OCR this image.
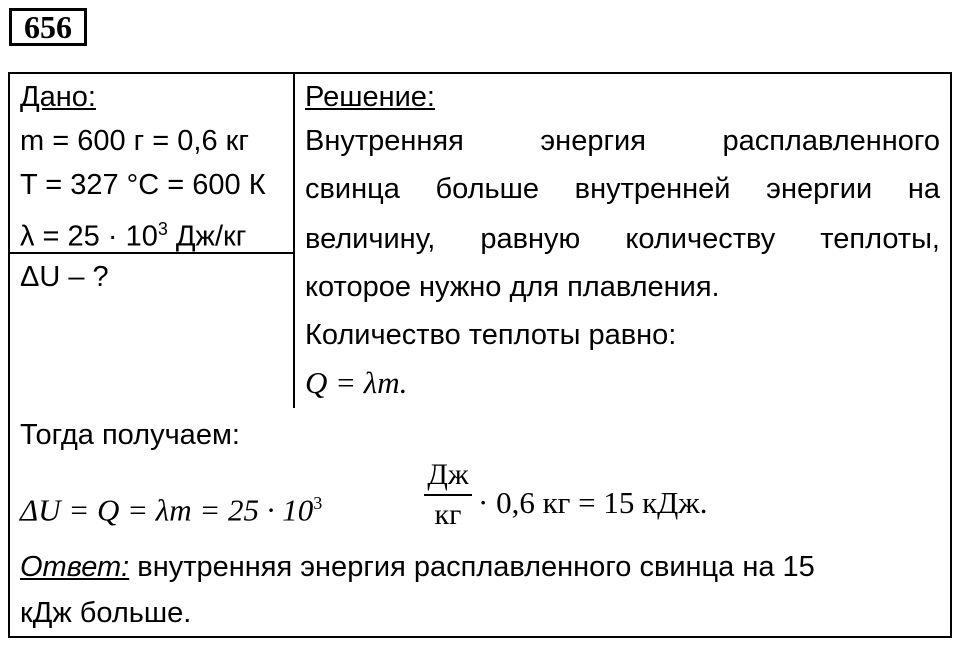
656
Дано:
m = 600 г = 0,6 кг
T = 327 °C = 600 К
$\lambda = 25 \cdot 10^3$ Дж/кг
ΔU – ?
Решение:
Внутренняя энергия расплавленного
свинца больше внутренней энергии на
величину, равную количеству теплоты,
которое нужно для плавления.
Количество теплоты равно:
Q = λm.
Тогда получаем:
$\Delta U = Q = \lambda m = 25 \cdot 10^3$
Дж
кг · 0,6 кг = 15 кДж.
Ответ: внутренняя энергия расплавленного свинца на 15
кДж больше.
